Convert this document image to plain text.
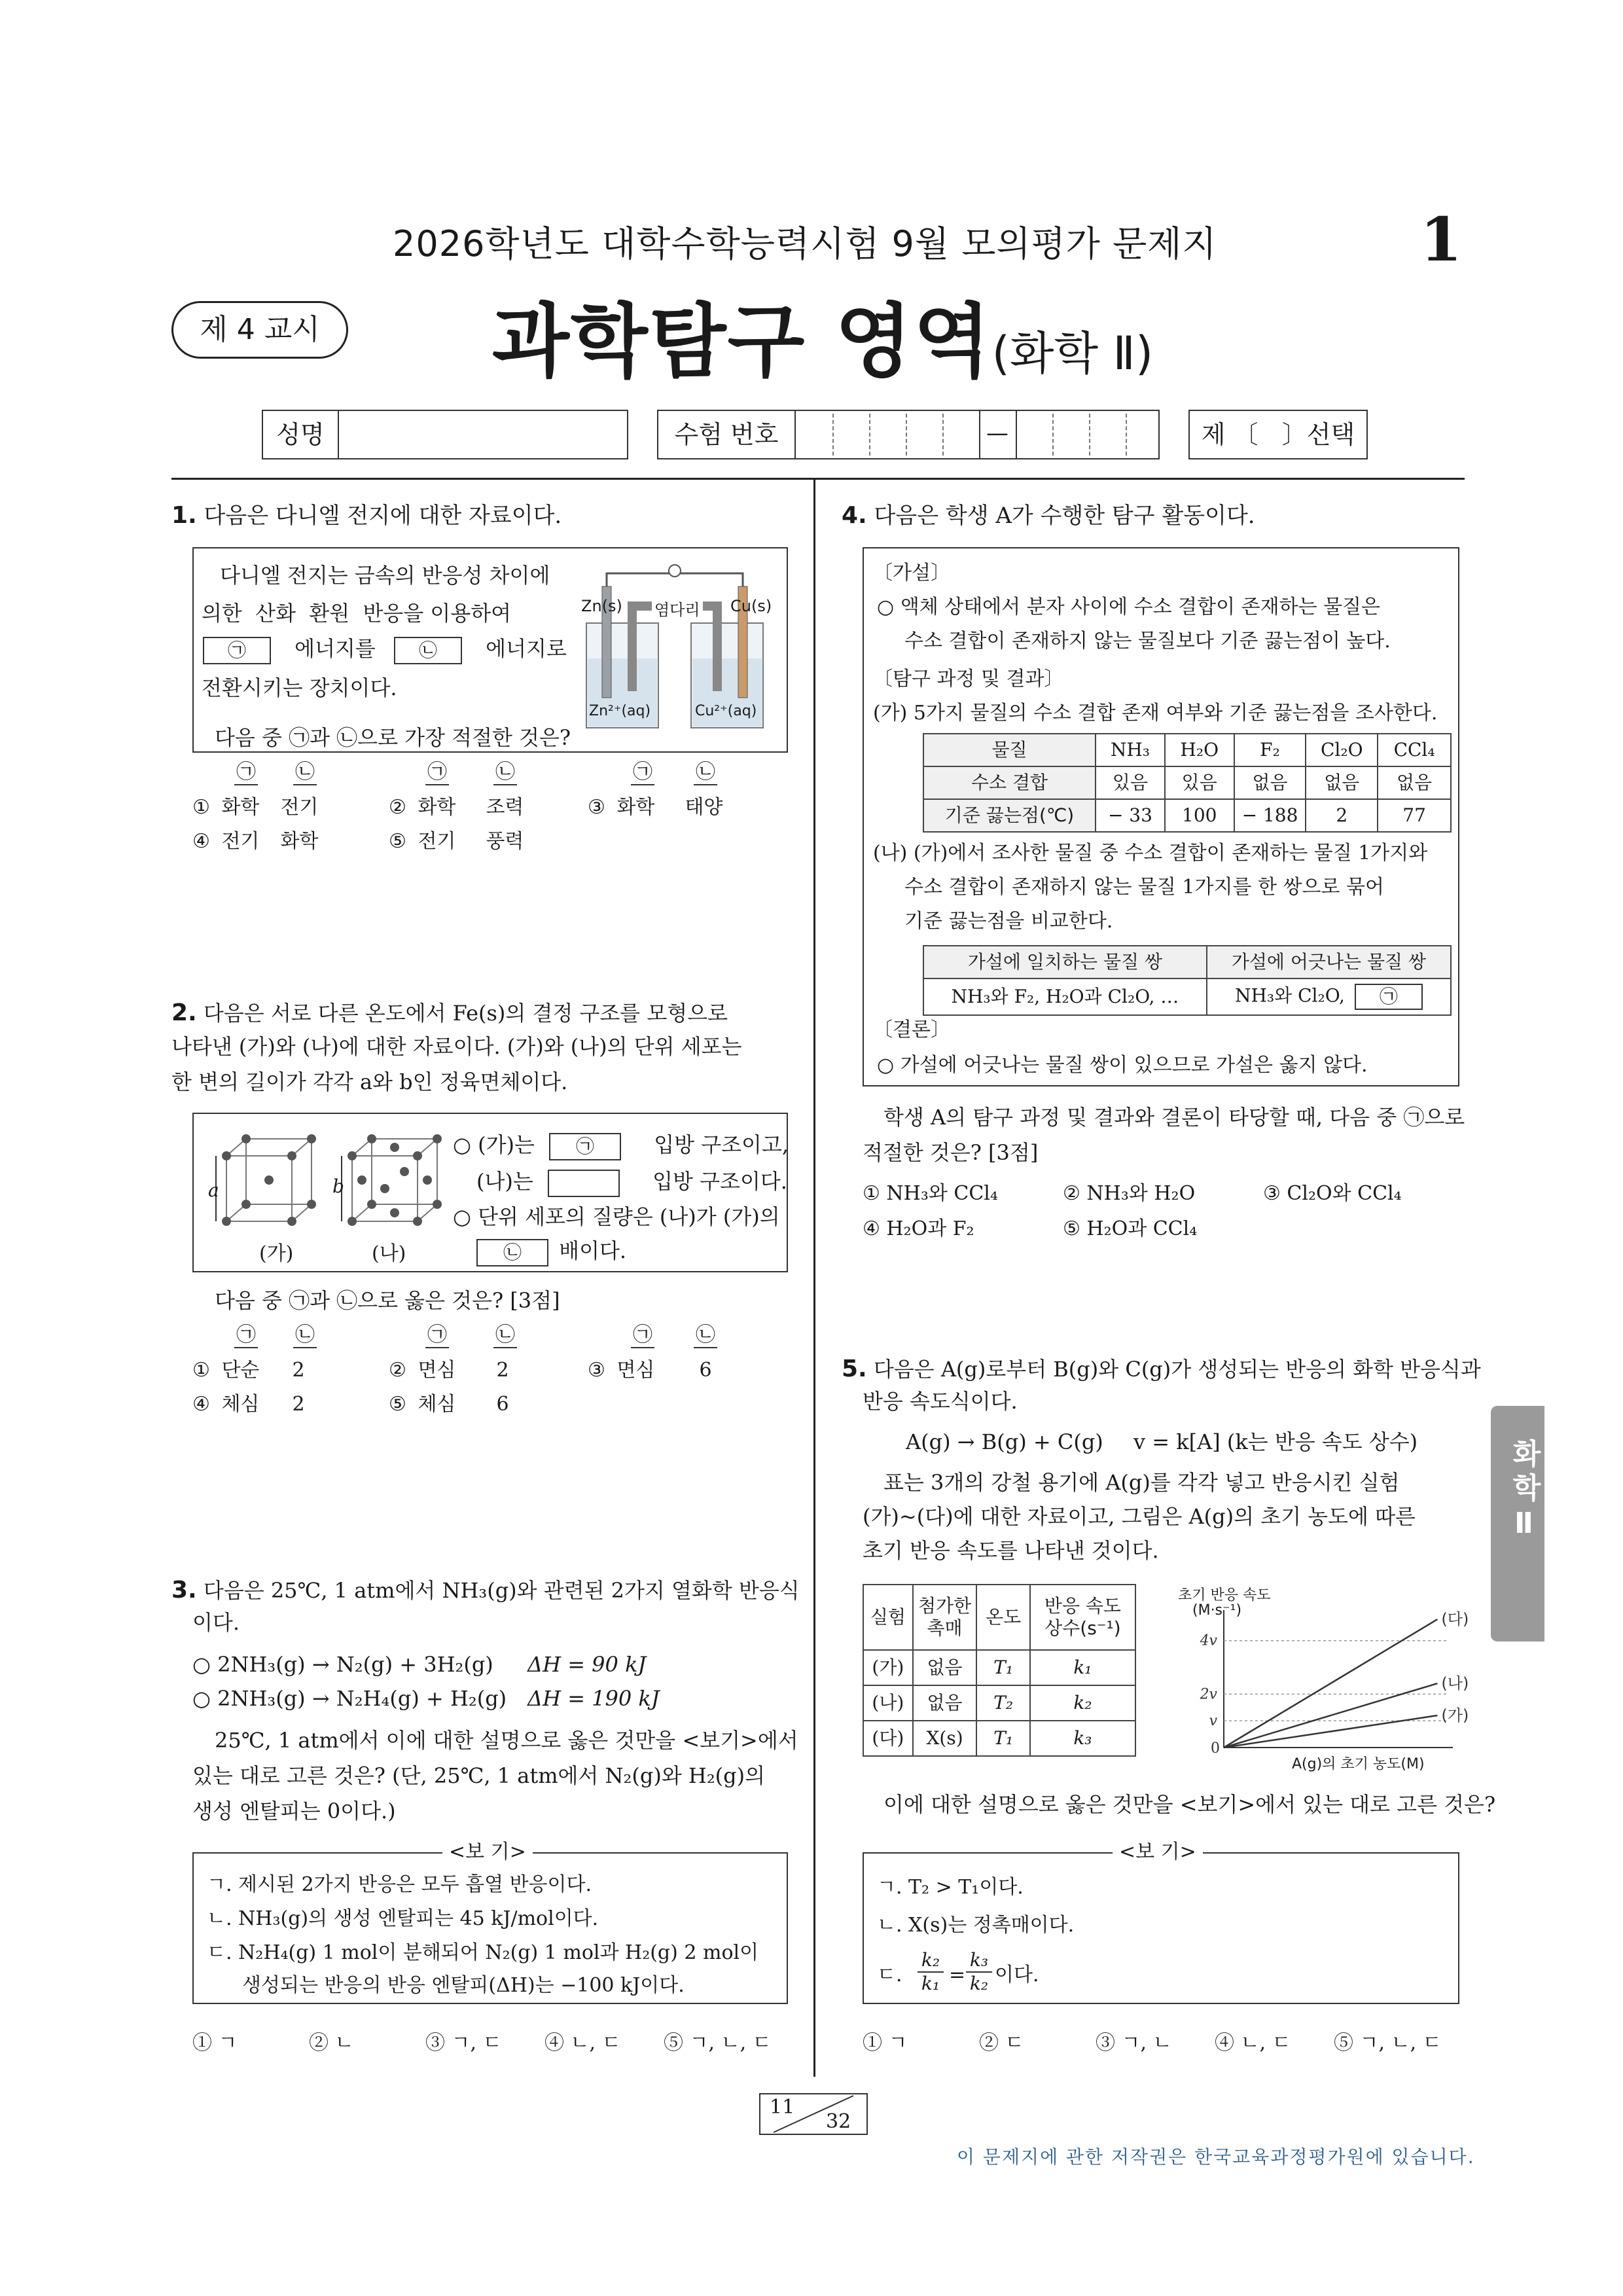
2026학년도 대학수학능력시험 9월 모의평가 문제지	1
제 4 교시	과학탐구 영역(화학 Ⅱ)
성명	수험 번호	—	제 〔   〕선택
화학Ⅱ
1. 다음은 다니엘 전지에 대한 자료이다.
다니엘 전지는 금속의 반응성 차이에
의한  산화  환원  반응을 이용하여
㉠ 에너지를 ㉡ 에너지로
전환시키는 장치이다.
Zn(s)	Cu(s)
염다리
Zn²⁺(aq)	Cu²⁺(aq)
다음 중 ㉠과 ㉡으로 가장 적절한 것은?
㉠ ㉡	㉠ ㉡	㉠ ㉡
① 화학 전기	② 화학 조력	③ 화학 태양
④ 전기 화학	⑤ 전기 풍력
2. 다음은 서로 다른 온도에서 Fe(s)의 결정 구조를 모형으로
나타낸 (가)와 (나)에 대한 자료이다. (가)와 (나)의 단위 세포는
한 변의 길이가 각각 a와 b인 정육면체이다.
a
(가)
b
(나)
○ (가)는 ㉠	입방 구조이고,
(나)는	입방 구조이다.
○ 단위 세포의 질량은 (나)가 (가)의
㉡ 배이다.
다음 중 ㉠과 ㉡으로 옳은 것은? [3점]
㉠ ㉡	㉠ ㉡	㉠ ㉡
① 단순 2	② 면심 2	③ 면심 6
④ 체심 2	⑤ 체심 6
3. 다음은 25℃, 1 atm에서 NH₃(g)와 관련된 2가지 열화학 반응식
이다.
○ 2NH₃(g) → N₂(g) + 3H₂(g) ΔH = 90 kJ
○ 2NH₃(g) → N₂H₄(g) + H₂(g) ΔH = 190 kJ
25℃, 1 atm에서 이에 대한 설명으로 옳은 것만을 <보기>에서
있는 대로 고른 것은? (단, 25℃, 1 atm에서 N₂(g)와 H₂(g)의
생성 엔탈피는 0이다.)
<보 기>
ㄱ. 제시된 2가지 반응은 모두 흡열 반응이다.
ㄴ. NH₃(g)의 생성 엔탈피는 45 kJ/mol이다.
ㄷ. N₂H₄(g) 1 mol이 분해되어 N₂(g) 1 mol과 H₂(g) 2 mol이
생성되는 반응의 반응 엔탈피(ΔH)는 −100 kJ이다.
① ㄱ	② ㄴ	③ ㄱ, ㄷ ④ ㄴ, ㄷ ⑤ ㄱ, ㄴ, ㄷ
4. 다음은 학생 A가 수행한 탐구 활동이다.
〔가설〕
○ 액체 상태에서 분자 사이에 수소 결합이 존재하는 물질은
수소 결합이 존재하지 않는 물질보다 기준 끓는점이 높다.
〔탐구 과정 및 결과〕
(가) 5가지 물질의 수소 결합 존재 여부와 기준 끓는점을 조사한다.
물질	NH₃	H₂O	F₂	Cl₂O	CCl₄
수소 결합	있음	있음	없음	없음	없음
기준 끓는점(℃)	− 33	100	− 188	2	77
(나) (가)에서 조사한 물질 중 수소 결합이 존재하는 물질 1가지와
수소 결합이 존재하지 않는 물질 1가지를 한 쌍으로 묶어
기준 끓는점을 비교한다.
가설에 일치하는 물질 쌍	가설에 어긋나는 물질 쌍
NH₃와 F₂, H₂O과 Cl₂O, …	NH₃와 Cl₂O, ㉠
〔결론〕
○ 가설에 어긋나는 물질 쌍이 있으므로 가설은 옳지 않다.
학생 A의 탐구 과정 및 결과와 결론이 타당할 때, 다음 중 ㉠으로
적절한 것은? [3점]
① NH₃와 CCl₄	② NH₃와 H₂O	③ Cl₂O와 CCl₄
④ H₂O과 F₂	⑤ H₂O과 CCl₄
5. 다음은 A(g)로부터 B(g)와 C(g)가 생성되는 반응의 화학 반응식과
반응 속도식이다.
A(g) → B(g) + C(g) v = k[A] (k는 반응 속도 상수)
표는 3개의 강철 용기에 A(g)를 각각 넣고 반응시킨 실험
(가)~(다)에 대한 자료이고, 그림은 A(g)의 초기 농도에 따른
초기 반응 속도를 나타낸 것이다.
실험	첨가한
촉매	온도	반응 속도
상수(s⁻¹)
(가)	없음	T₁	k₁
(나)	없음	T₂	k₂
(다)	X(s)	T₁	k₃
초기 반응 속도
(M·s⁻¹)
0
v
2v
4v
(다)
(나)
(가)
A(g)의 초기 농도(M)
이에 대한 설명으로 옳은 것만을 <보기>에서 있는 대로 고른 것은?
<보 기>
ㄱ. T₂ > T₁이다.
ㄴ. X(s)는 정촉매이다.
ㄷ.
k₂
k₁ =
k₃
k₂ 이다.
① ㄱ	② ㄷ	③ ㄱ, ㄴ ④ ㄴ, ㄷ ⑤ ㄱ, ㄴ, ㄷ
11
32
이 문제지에 관한 저작권은 한국교육과정평가원에 있습니다.
